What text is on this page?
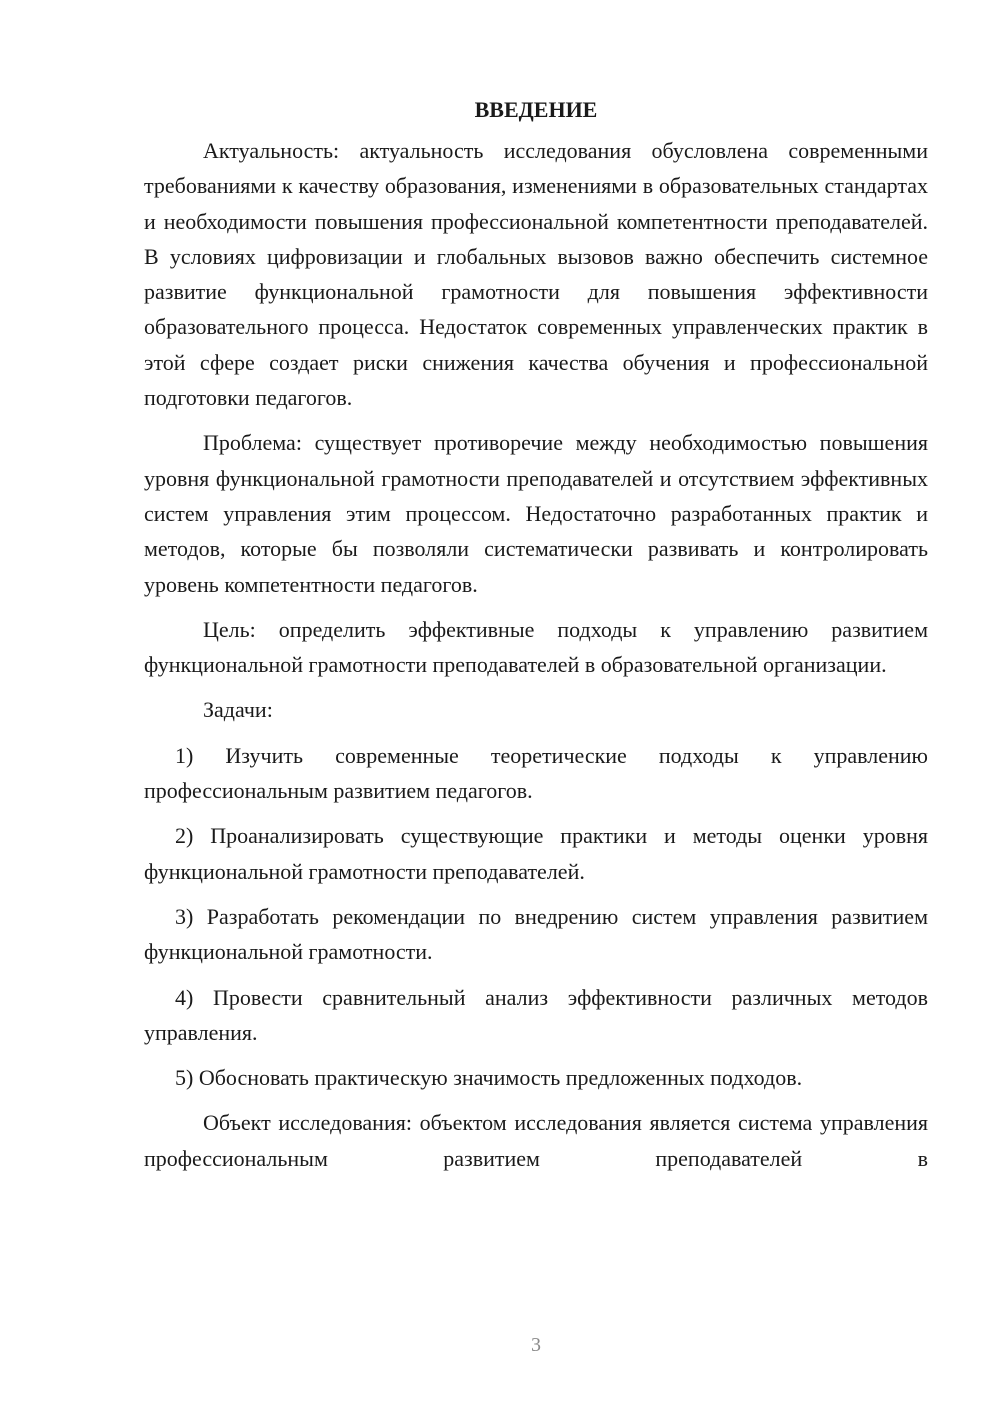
ВВЕДЕНИЕ

Актуальность: актуальность исследования обусловлена современными требованиями к качеству образования, изменениями в образовательных стандартах и необходимости повышения профессиональной компетентности преподавателей. В условиях цифровизации и глобальных вызовов важно обеспечить системное развитие функциональной грамотности для повышения эффективности образовательного процесса. Недостаток современных управленческих практик в этой сфере создает риски снижения качества обучения и профессиональной подготовки педагогов.

Проблема: существует противоречие между необходимостью повышения уровня функциональной грамотности преподавателей и отсутствием эффективных систем управления этим процессом. Недостаточно разработанных практик и методов, которые бы позволяли систематически развивать и контролировать уровень компетентности педагогов.

Цель: определить эффективные подходы к управлению развитием функциональной грамотности преподавателей в образовательной организации.

Задачи:

1) Изучить современные теоретические подходы к управлению профессиональным развитием педагогов.

2) Проанализировать существующие практики и методы оценки уровня функциональной грамотности преподавателей.

3) Разработать рекомендации по внедрению систем управления развитием функциональной грамотности.

4) Провести сравнительный анализ эффективности различных методов управления.

5) Обосновать практическую значимость предложенных подходов.

Объект исследования: объектом исследования является система управления профессиональным развитием преподавателей в

3
